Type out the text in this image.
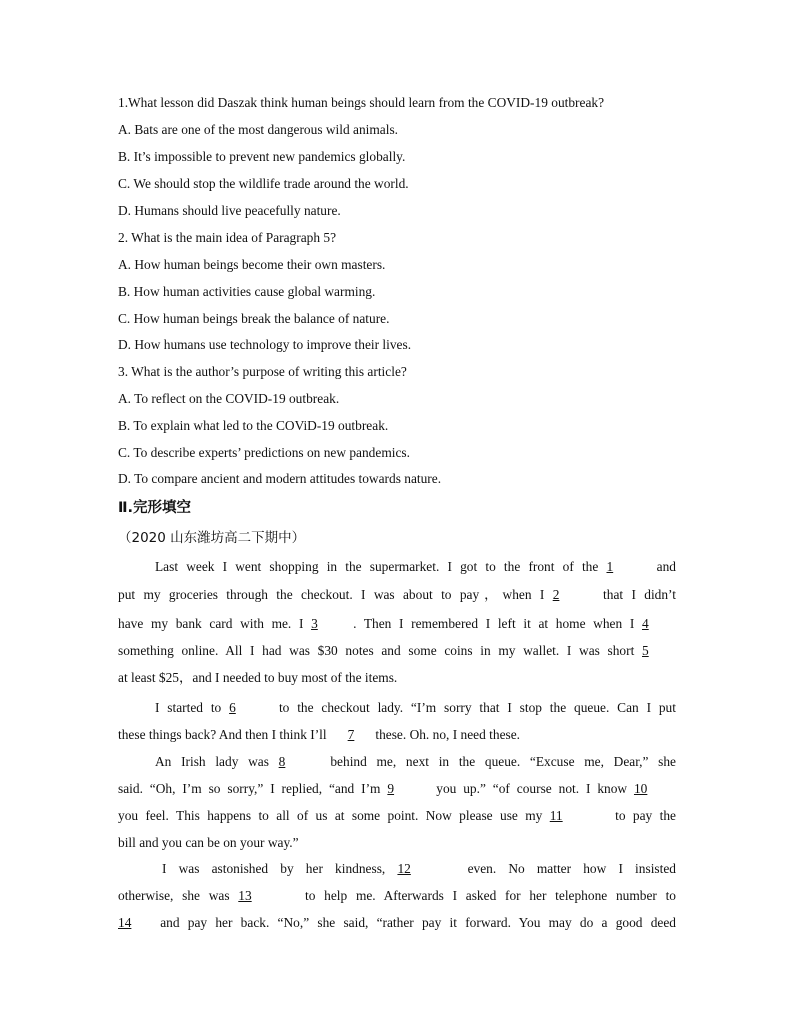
1.What lesson did Daszak think human beings should learn from the COVID-19 outbreak?
A. Bats are one of the most dangerous wild animals.
B. It’s impossible to prevent new pandemics globally.
C. We should stop the wildlife trade around the world.
D. Humans should live peacefully nature.
2. What is the main idea of Paragraph 5?
A. How human beings become their own masters.
B. How human activities cause global warming.
C. How human beings break the balance of nature.
D. How humans use technology to improve their lives.
3. What is the author’s purpose of writing this article?
A. To reflect on the COVID-19 outbreak.
B. To explain what led to the COViD-19 outbreak.
C. To describe experts’ predictions on new pandemics.
D. To compare ancient and modern attitudes towards nature.
Ⅱ.完形填空
（2020 山东潍坊高二下期中）
Last week I went shopping in the supermarket. I got to the front of the 1	and
put my groceries through the checkout. I was about to pay，when I 2	that I didn’t
have my bank card with me. I 3	. Then I remembered I left it at home when I 4
something online. All I had was $30 notes and some coins in my wallet. I was short 5
at least $25，and I needed to buy most of the items.
I started to 6	to the checkout lady. “I’m sorry that I stop the queue. Can I put
these things back? And then I think I’ll 7 these. Oh. no, I need these.
An Irish lady was 8	behind me, next in the queue. “Excuse me, Dear,” she
said. “Oh, I’m so sorry,” I replied, “and I’m 9	you up.” “of course not. I know 10
you feel. This happens to all of us at some point. Now please use my 11	to pay the
bill and you can be on your way.”
I was astonished by her kindness, 12	even. No matter how I insisted
otherwise, she was 13	to help me. Afterwards I asked for her telephone number to
14 and pay her back. “No,” she said, “rather pay it forward. You may do a good deed
